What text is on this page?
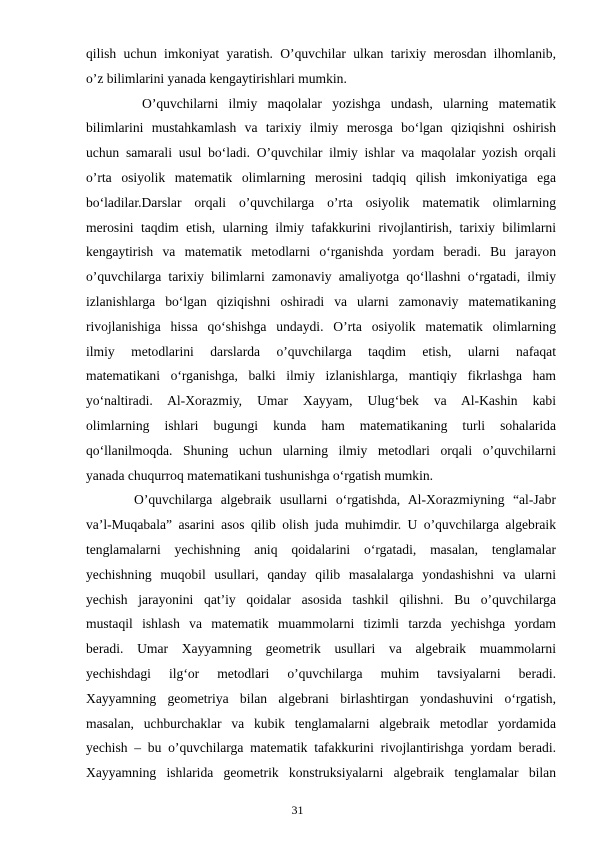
qilish uchun imkoniyat yaratish. O’quvchilar ulkan tarixiy merosdan ilhomlanib,
o’z bilimlarini yanada kengaytirishlari mumkin.

O’quvchilarni ilmiy maqolalar yozishga undash, ularning matematik
bilimlarini mustahkamlash va tarixiy ilmiy merosga bo‘lgan qiziqishni oshirish
uchun samarali usul bo‘ladi. O’quvchilar ilmiy ishlar va maqolalar yozish orqali
o’rta osiyolik matematik olimlarning merosini tadqiq qilish imkoniyatiga ega
bo‘ladilar.Darslar orqali o’quvchilarga o’rta osiyolik matematik olimlarning
merosini taqdim etish, ularning ilmiy tafakkurini rivojlantirish, tarixiy bilimlarni
kengaytirish va matematik metodlarni o‘rganishda yordam beradi. Bu jarayon
o’quvchilarga tarixiy bilimlarni zamonaviy amaliyotga qo‘llashni o‘rgatadi, ilmiy
izlanishlarga bo‘lgan qiziqishni oshiradi va ularni zamonaviy matematikaning
rivojlanishiga hissa qo‘shishga undaydi. O’rta osiyolik matematik olimlarning
ilmiy metodlarini darslarda o’quvchilarga taqdim etish, ularni nafaqat
matematikani o‘rganishga, balki ilmiy izlanishlarga, mantiqiy fikrlashga ham
yo‘naltiradi. Al-Xorazmiy, Umar Xayyam, Ulug‘bek va Al-Kashin kabi
olimlarning ishlari bugungi kunda ham matematikaning turli sohalarida
qo‘llanilmoqda. Shuning uchun ularning ilmiy metodlari orqali o’quvchilarni
yanada chuqurroq matematikani tushunishga o‘rgatish mumkin.

O’quvchilarga algebraik usullarni o‘rgatishda, Al-Xorazmiyning “al-Jabr
va’l-Muqabala” asarini asos qilib olish juda muhimdir. U o’quvchilarga algebraik
tenglamalarni yechishning aniq qoidalarini o‘rgatadi, masalan, tenglamalar
yechishning muqobil usullari, qanday qilib masalalarga yondashishni va ularni
yechish jarayonini qat’iy qoidalar asosida tashkil qilishni. Bu o’quvchilarga
mustaqil ishlash va matematik muammolarni tizimli tarzda yechishga yordam
beradi. Umar Xayyamning geometrik usullari va algebraik muammolarni
yechishdagi ilg‘or metodlari o’quvchilarga muhim tavsiyalarni beradi.
Xayyamning geometriya bilan algebrani birlashtirgan yondashuvini o‘rgatish,
masalan, uchburchaklar va kubik tenglamalarni algebraik metodlar yordamida
yechish – bu o’quvchilarga matematik tafakkurini rivojlantirishga yordam beradi.
Xayyamning ishlarida geometrik konstruksiyalarni algebraik tenglamalar bilan

31
